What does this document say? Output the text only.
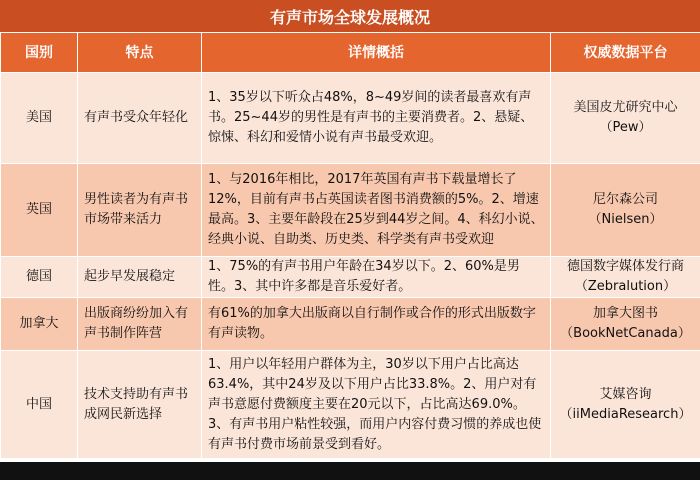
有声市场全球发展概况
国别	特点	详情概括	权威数据平台
美国	有声书受众年轻化	1、35岁以下听众占48%，8~49岁间的读者最喜欢有声书。25~44岁的男性是有声书的主要消费者。2、悬疑、惊悚、科幻和爱情小说有声书最受欢迎。	美国皮尤研究中心
（Pew）

英国	男性读者为有声书市场带来活力	1、与2016年相比，2017年英国有声书下载量增长了12%，目前有声书占英国读者图书消费额的5%。2、增速最高。3、主要年龄段在25岁到44岁之间。4、科幻小说、经典小说、自助类、历史类、科学类有声书受欢迎	尼尔森公司
（Nielsen）

德国	起步早发展稳定	1、75%的有声书用户年龄在34岁以下。2、60%是男性。3、其中许多都是音乐爱好者。	德国数字媒体发行商
（Zebralution）

加拿大	出版商纷纷加入有声书制作阵营	有61%的加拿大出版商以自行制作或合作的形式出版数字有声读物。	加拿大图书
（BookNetCanada）

中国	技术支持助有声书成网民新选择	1、用户以年轻用户群体为主，30岁以下用户占比高达63.4%，其中24岁及以下用户占比33.8%。2、用户对有声书意愿付费额度主要在20元以下，占比高达69.0%。3、有声书用户粘性较强，而用户内容付费习惯的养成也使有声书付费市场前景受到看好。	艾媒咨询
（iiMediaResearch）
